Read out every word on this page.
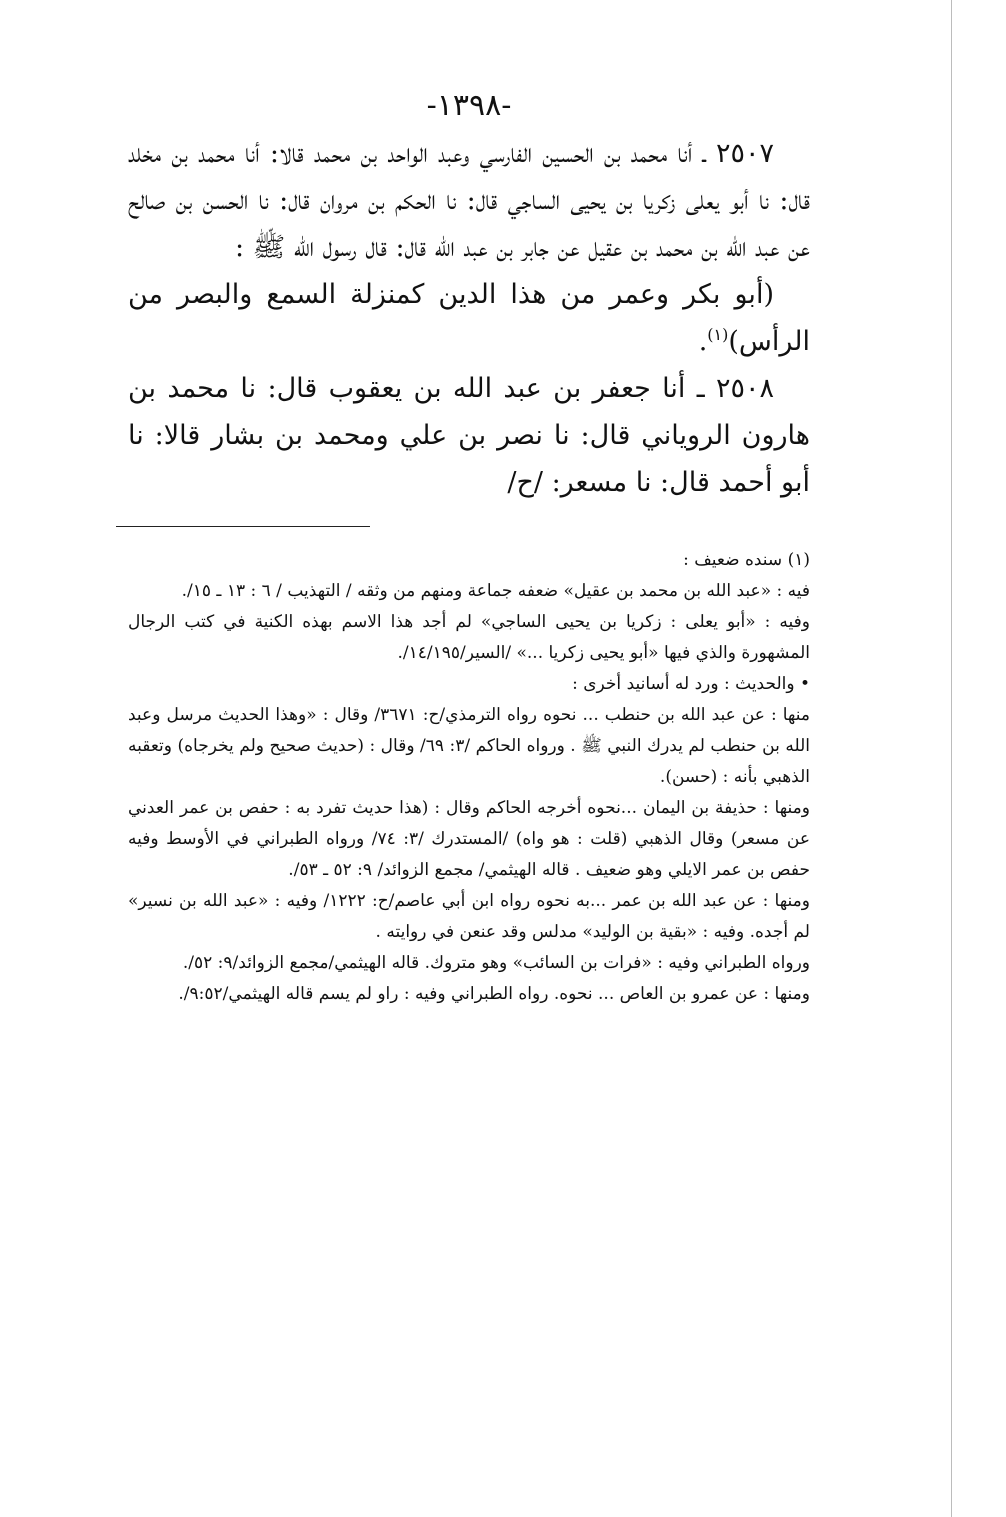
-١٣٩٨-

٢٥٠٧ ـ أنا محمد بن الحسين الفارسي وعبد الواحد بن محمد قالا: أنا محمد بن مخلد قال: نا أبو يعلى زكريا بن يحيى الساجي قال: نا الحكم بن مروان قال: نا الحسن بن صالح عن عبد الله بن محمد بن عقيل عن جابر بن عبد الله قال: قال رسول الله ﷺ :

(أبو بكر وعمر من هذا الدين كمنزلة السمع والبصر من الرأس)$^{(١)}$.

٢٥٠٨ ـ أنا جعفر بن عبد الله بن يعقوب قال: نا محمد بن هارون الروياني قال: نا نصر بن علي ومحمد بن بشار قالا: نا أبو أحمد قال: نا مسعر: /ح/

(١) سنده ضعيف :

فيه : «عبد الله بن محمد بن عقيل» ضعفه جماعة ومنهم من وثقه / التهذيب / ٦ : ١٣ ـ ١٥/.

وفيه : «أبو يعلى : زكريا بن يحيى الساجي» لم أجد هذا الاسم بهذه الكنية في كتب الرجال المشهورة والذي فيها «أبو يحيى زكريا ...» /السير/١٤/١٩٥/.

• والحديث : ورد له أسانيد أخرى :

منها : عن عبد الله بن حنطب ... نحوه رواه الترمذي/ح: ٣٦٧١/ وقال : «وهذا الحديث مرسل وعبد الله بن حنطب لم يدرك النبي ﷺ . ورواه الحاكم /٣: ٦٩/ وقال : (حديث صحيح ولم يخرجاه) وتعقبه الذهبي بأنه : (حسن).

ومنها : حذيفة بن اليمان ...نحوه أخرجه الحاكم وقال : (هذا حديث تفرد به : حفص بن عمر العدني عن مسعر) وقال الذهبي (قلت : هو واه) /المستدرك /٣: ٧٤/ ورواه الطبراني في الأوسط وفيه حفص بن عمر الايلي وهو ضعيف . قاله الهيثمي/ مجمع الزوائد/ ٩: ٥٢ ـ ٥٣/.

ومنها : عن عبد الله بن عمر ...به نحوه رواه ابن أبي عاصم/ح: ١٢٢٢/ وفيه : «عبد الله بن نسير» لم أجده. وفيه : «بقية بن الوليد» مدلس وقد عنعن في روايته .

ورواه الطبراني وفيه : «فرات بن السائب» وهو متروك. قاله الهيثمي/مجمع الزوائد/٩: ٥٢/.

ومنها : عن عمرو بن العاص ... نحوه. رواه الطبراني وفيه : راو لم يسم قاله الهيثمي/٩:٥٢/.
